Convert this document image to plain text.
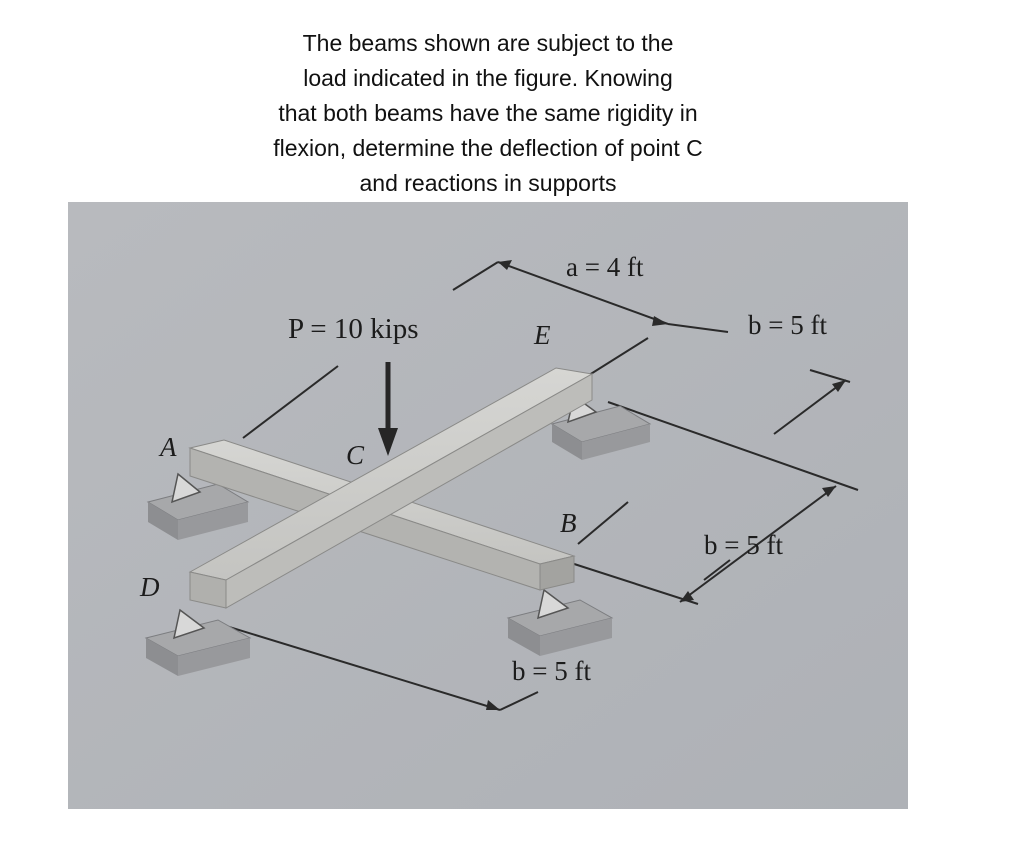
The beams shown are subject to the
load indicated in the figure. Knowing
that both beams have the same rigidity in
flexion, determine the deflection of point C
and reactions in supports
P = 10 kips
a = 4 ft
b = 5 ft
b = 5 ft
b = 5 ft
A
B
C
D
E
